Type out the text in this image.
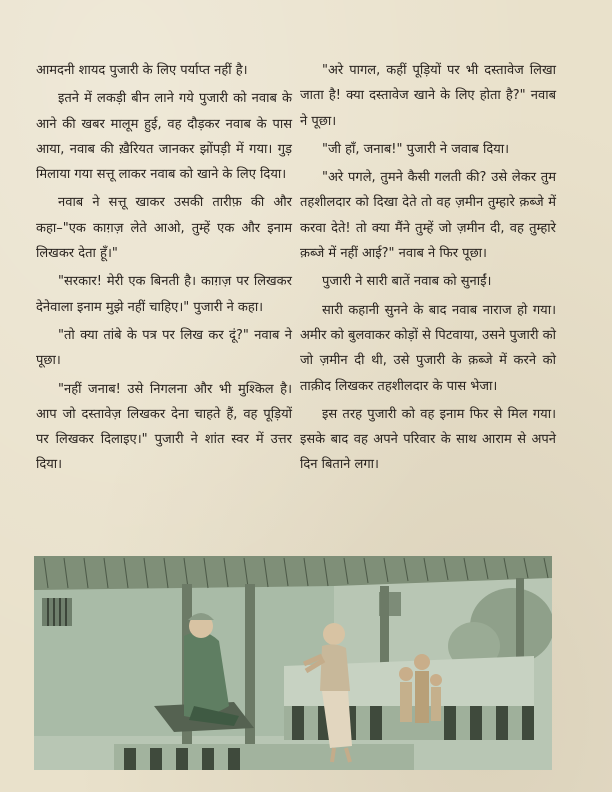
आमदनी शायद पुजारी के लिए पर्याप्त नहीं है।

इतने में लकड़ी बीन लाने गये पुजारी को नवाब के आने की खबर मालूम हुई, वह दौड़कर नवाब के पास आया, नवाब की ख़ैरियत जानकर झोंपड़ी में गया। गुड़ मिलाया गया सत्तू लाकर नवाब को खाने के लिए दिया।

नवाब ने सत्तू खाकर उसकी तारीफ़ की और कहा–"एक काग़ज़ लेते आओ, तुम्हें एक और इनाम लिखकर देता हूँ।"

"सरकार! मेरी एक बिनती है। काग़ज़ पर लिखकर देनेवाला इनाम मुझे नहीं चाहिए।" पुजारी ने कहा।

"तो क्या तांबे के पत्र पर लिख कर दूं?" नवाब ने पूछा।

"नहीं जनाब! उसे निगलना और भी मुश्किल है। आप जो दस्तावेज़ लिखकर देना चाहते हैं, वह पूड़ियों पर लिखकर दिलाइए।" पुजारी ने शांत स्वर में उत्तर दिया।

"अरे पागल, कहीं पूड़ियों पर भी दस्तावेज लिखा जाता है! क्या दस्तावेज खाने के लिए होता है?" नवाब ने पूछा।

"जी हाँ, जनाब!" पुजारी ने जवाब दिया।

"अरे पगले, तुमने कैसी गलती की? उसे लेकर तुम तहशीलदार को दिखा देते तो वह ज़मीन तुम्हारे क़ब्जे में करवा देते! तो क्या मैंने तुम्हें जो ज़मीन दी, वह तुम्हारे क़ब्जे में नहीं आई?" नवाब ने फिर पूछा।

पुजारी ने सारी बातें नवाब को सुनाईं।

सारी कहानी सुनने के बाद नवाब नाराज हो गया। अमीर को बुलवाकर कोड़ों से पिटवाया, उसने पुजारी को जो ज़मीन दी थी, उसे पुजारी के क़ब्जे में करने को ताक़ीद लिखकर तहशीलदार के पास भेजा।

इस तरह पुजारी को वह इनाम फिर से मिल गया। इसके बाद वह अपने परिवार के साथ आराम से अपने दिन बिताने लगा।
